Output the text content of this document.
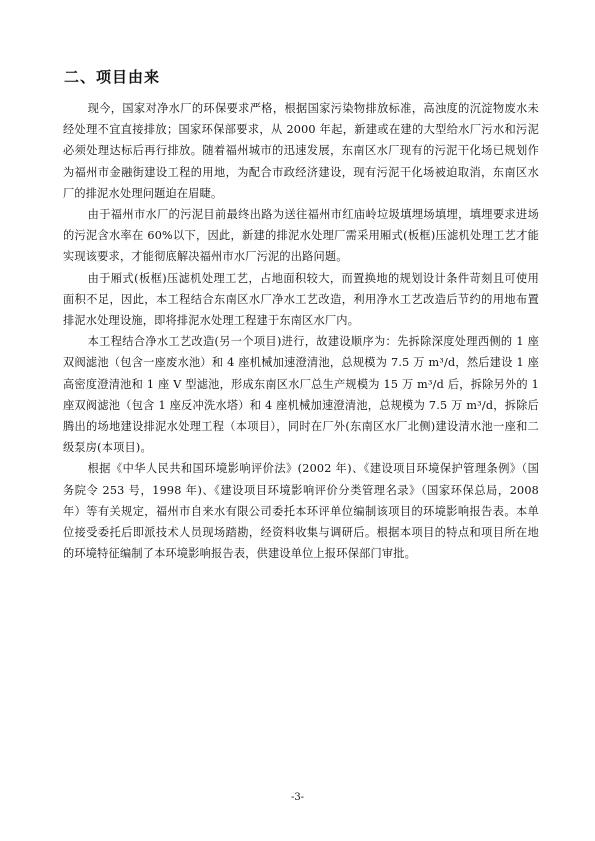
二、项目由来

现今，国家对净水厂的环保要求严格，根据国家污染物排放标准，高浊度的沉淀物废水未经处理不宜直接排放；国家环保部要求，从 2000 年起，新建或在建的大型给水厂污水和污泥必须处理达标后再行排放。随着福州城市的迅速发展，东南区水厂现有的污泥干化场已规划作为福州市金融街建设工程的用地，为配合市政经济建设，现有污泥干化场被迫取消，东南区水厂的排泥水处理问题迫在眉睫。

由于福州市水厂的污泥目前最终出路为送往福州市红庙岭垃圾填埋场填埋，填埋要求进场的污泥含水率在 60%以下，因此，新建的排泥水处理厂需采用厢式(板框)压滤机处理工艺才能实现该要求，才能彻底解决福州市水厂污泥的出路问题。

由于厢式(板框)压滤机处理工艺，占地面积较大，而置换地的规划设计条件苛刻且可使用面积不足，因此，本工程结合东南区水厂净水工艺改造，利用净水工艺改造后节约的用地布置排泥水处理设施，即将排泥水处理工程建于东南区水厂内。

本工程结合净水工艺改造(另一个项目)进行，故建设顺序为：先拆除深度处理西侧的 1 座双阀滤池（包含一座废水池）和 4 座机械加速澄清池，总规模为 7.5 万 m³/d，然后建设 1 座高密度澄清池和 1 座 V 型滤池，形成东南区水厂总生产规模为 15 万 m³/d 后，拆除另外的 1 座双阀滤池（包含 1 座反冲洗水塔）和 4 座机械加速澄清池，总规模为 7.5 万 m³/d，拆除后腾出的场地建设排泥水处理工程（本项目），同时在厂外(东南区水厂北侧)建设清水池一座和二级泵房(本项目)。

根据《中华人民共和国环境影响评价法》(2002 年)、《建设项目环境保护管理条例》（国务院令 253 号，1998 年)、《建设项目环境影响评价分类管理名录》（国家环保总局，2008 年）等有关规定，福州市自来水有限公司委托本环评单位编制该项目的环境影响报告表。本单位接受委托后即派技术人员现场踏勘，经资料收集与调研后。根据本项目的特点和项目所在地的环境特征编制了本环境影响报告表，供建设单位上报环保部门审批。

-3-
